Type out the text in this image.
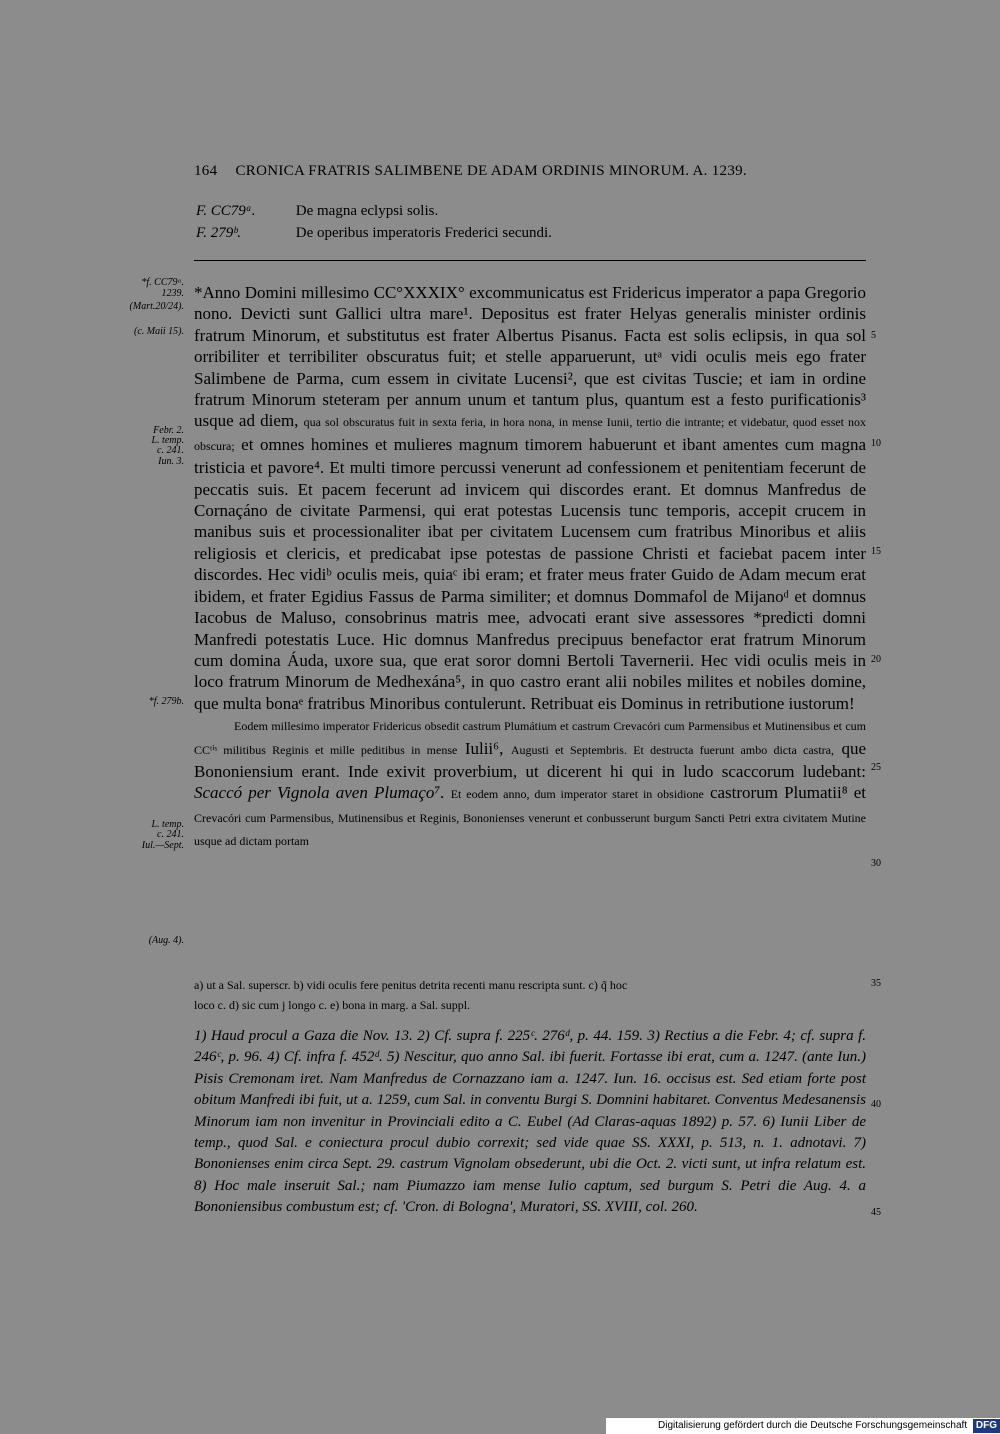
164 CRONICA FRATRIS SALIMBENE DE ADAM ORDINIS MINORUM. A. 1239.
F. CC79ᵃ.	De magna eclypsi solis.
F. 279ᵇ.	De operibus imperatoris Frederici secundi.
*f. CC79ᵃ.
1239.
(Mart.20/24).
(c. Maii 15).
Febr. 2.
L. temp.
c. 241.
Iun. 3.
*f. 279b.
L. temp.
c. 241.
Iul.—Sept.
(Aug. 4).
5
10
15
20
25
30
35
40
45

*Anno Domini millesimo CC°XXXIX° excommunicatus est Fridericus imperator a papa Gregorio nono. Devicti sunt Gallici ultra mare¹. Depositus est frater Helyas generalis minister ordinis fratrum Minorum, et substitutus est frater Albertus Pisanus. Facta est solis eclipsis, in qua sol orribiliter et terribiliter obscuratus fuit; et stelle apparuerunt, utᵃ vidi oculis meis ego frater Salimbene de Parma, cum essem in civitate Lucensi², que est civitas Tuscie; et iam in ordine fratrum Minorum steteram per annum unum et tantum plus, quantum est a festo purificationis³ usque ad diem, qua sol obscuratus fuit in sexta feria, in hora nona, in mense Iunii, tertio die intrante; et videbatur, quod esset nox obscura; et omnes homines et mulieres magnum timorem habuerunt et ibant amentes cum magna tristicia et pavore⁴. Et multi timore percussi venerunt ad confessionem et penitentiam fecerunt de peccatis suis. Et pacem fecerunt ad invicem qui discordes erant. Et domnus Manfredus de Cornaçáno de civitate Parmensi, qui erat potestas Lucensis tunc temporis, accepit crucem in manibus suis et processionaliter ibat per civitatem Lucensem cum fratribus Minoribus et aliis religiosis et clericis, et predicabat ipse potestas de passione Christi et faciebat pacem inter discordes. Hec vidiᵇ oculis meis, quiaᶜ ibi eram; et frater meus frater Guido de Adam mecum erat ibidem, et frater Egidius Fassus de Parma similiter; et domnus Dommafol de Mijanoᵈ et domnus Iacobus de Maluso, consobrinus matris mee, advocati erant sive assessores *predicti domni Manfredi potestatis Luce. Hic domnus Manfredus precipuus benefactor erat fratrum Minorum cum domina Áuda, uxore sua, que erat soror domni Bertoli Tavernerii. Hec vidi oculis meis in loco fratrum Minorum de Medhexána⁵, in quo castro erant alii nobiles milites et nobiles domine, que multa bonaᵉ fratribus Minoribus contulerunt. Retribuat eis Dominus in retributione iustorum!

Eodem millesimo imperator Fridericus obsedit castrum Plumátium et castrum Crevacóri cum Parmensibus et Mutinensibus et cum CCᵗⁱˢ militibus Reginis et mille peditibus in mense Iulii⁶, Augusti et Septembris. Et destructa fuerunt ambo dicta castra, que Bononiensium erant. Inde exivit proverbium, ut dicerent hi qui in ludo scaccorum ludebant: Scaccó per Vignola aven Plumaço⁷. Et eodem anno, dum imperator staret in obsidione castrorum Plumatii⁸ et Crevacóri cum Parmensibus, Mutinensibus et Reginis, Bononienses venerunt et conbusserunt burgum Sancti Petri extra civitatem Mutine usque ad dictam portam

a) ut a Sal. superscr. b) vidi oculis fere penitus detrita recenti manu rescripta sunt. c) q̃ hoc
loco c. d) sic cum j longo c. e) bona in marg. a Sal. suppl.
1) Haud procul a Gaza die Nov. 13. 2) Cf. supra f. 225ᶜ. 276ᵈ, p. 44. 159. 3) Rectius a die Febr. 4; cf. supra f. 246ᶜ, p. 96. 4) Cf. infra f. 452ᵈ. 5) Nescitur, quo anno Sal. ibi fuerit. Fortasse ibi erat, cum a. 1247. (ante Iun.) Pisis Cremonam iret. Nam Manfredus de Cornazzano iam a. 1247. Iun. 16. occisus est. Sed etiam forte post obitum Manfredi ibi fuit, ut a. 1259, cum Sal. in conventu Burgi S. Domnini habitaret. Conventus Medesanensis Minorum iam non invenitur in Provinciali edito a C. Eubel (Ad Claras-aquas 1892) p. 57. 6) Iunii Liber de temp., quod Sal. e coniectura procul dubio correxit; sed vide quae SS. XXXI, p. 513, n. 1. adnotavi. 7) Bononienses enim circa Sept. 29. castrum Vignolam obsederunt, ubi die Oct. 2. victi sunt, ut infra relatum est. 8) Hoc male inseruit Sal.; nam Piumazzo iam mense Iulio captum, sed burgum S. Petri die Aug. 4. a Bononiensibus combustum est; cf. 'Cron. di Bologna', Muratori, SS. XVIII, col. 260.
Digitalisierung gefördert durch die Deutsche Forschungsgemeinschaft DFG
